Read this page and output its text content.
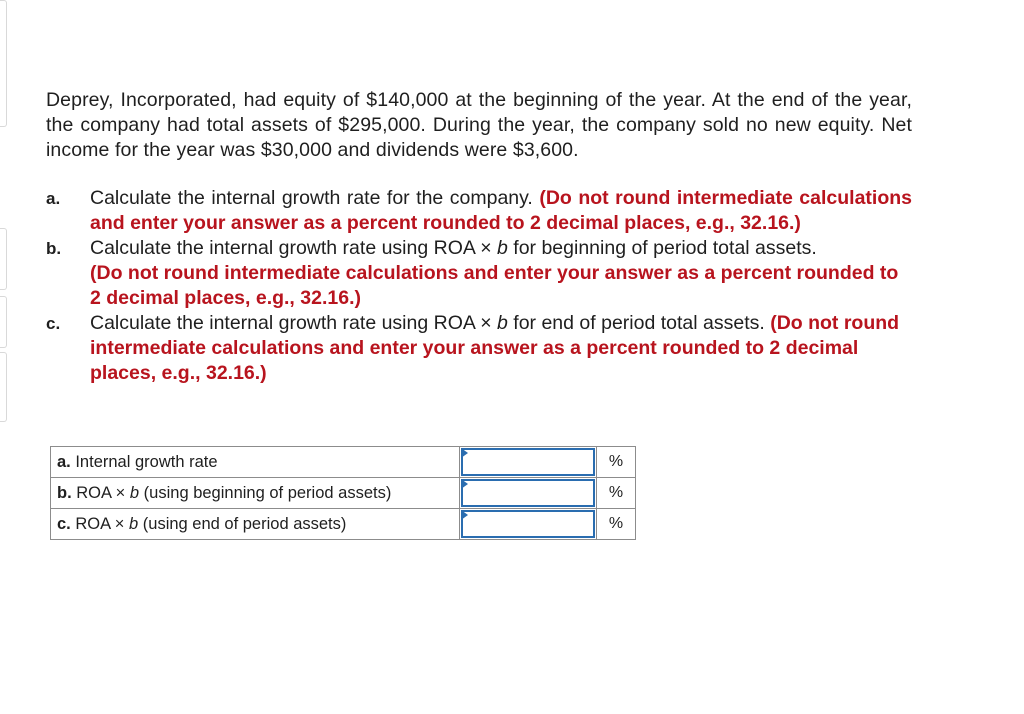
Deprey, Incorporated, had equity of $140,000 at the beginning of the year. At the end of the year, the company had total assets of $295,000. During the year, the company sold no new equity. Net income for the year was $30,000 and dividends were $3,600.

a.	Calculate the internal growth rate for the company. (Do not round intermediate calculations and enter your answer as a percent rounded to 2 decimal places, e.g., 32.16.)
b.	Calculate the internal growth rate using ROA × b for beginning of period total assets.
(Do not round intermediate calculations and enter your answer as a percent rounded to 2 decimal places, e.g., 32.16.)
c.	Calculate the internal growth rate using ROA × b for end of period total assets. (Do not round intermediate calculations and enter your answer as a percent rounded to 2 decimal places, e.g., 32.16.)
a. Internal growth rate		%
b. ROA × b (using beginning of period assets)		%
c. ROA × b (using end of period assets)		%
